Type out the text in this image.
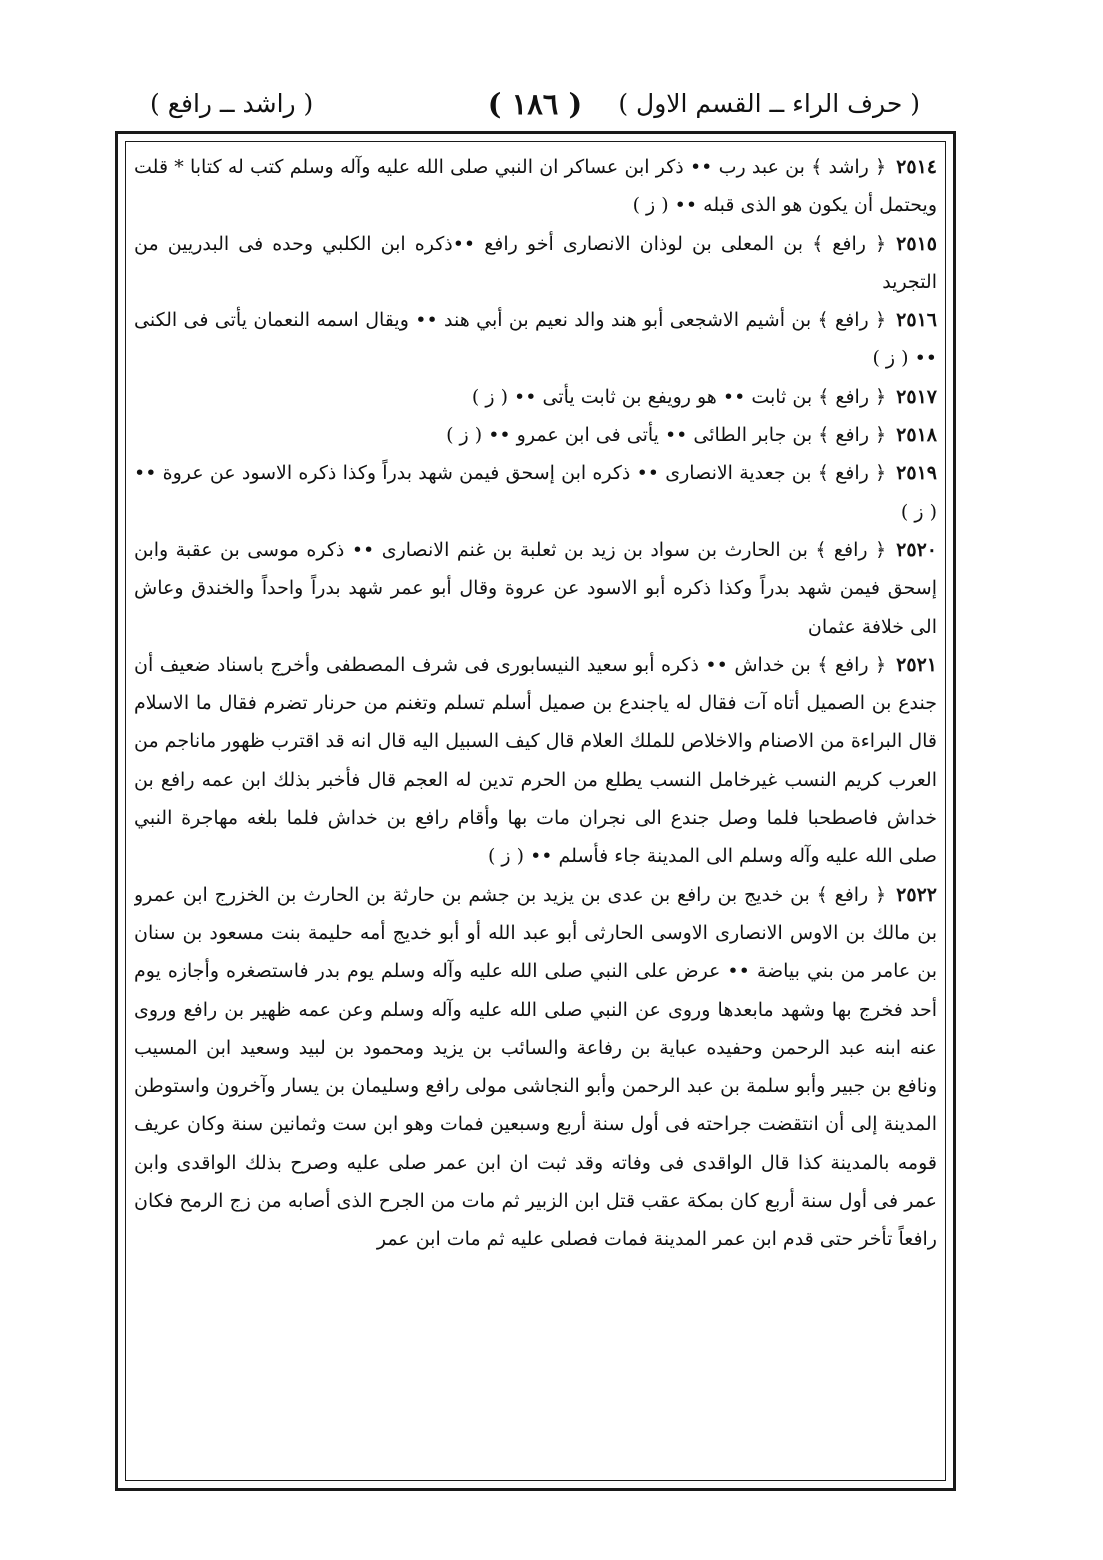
( حرف الراء ــ القسم الاول )
( ١٨٦ )
( راشد ــ رافع )

٢٥١٤﴿ راشد ﴾ بن عبد رب •• ذكر ابن عساكر ان النبي صلى الله عليه وآله وسلم كتب له كتابا * قلت ويحتمل أن يكون هو الذى قبله •• ( ز )

٢٥١٥﴿ رافع ﴾ بن المعلى بن لوذان الانصارى أخو رافع ••ذكره ابن الكلبي وحده فى البدريين من التجريد

٢٥١٦﴿ رافع ﴾ بن أشيم الاشجعى أبو هند والد نعيم بن أبي هند •• ويقال اسمه النعمان يأتى فى الكنى •• ( ز )

٢٥١٧﴿ رافع ﴾ بن ثابت •• هو رويفع بن ثابت يأتى •• ( ز )

٢٥١٨﴿ رافع ﴾ بن جابر الطائى •• يأتى فى ابن عمرو •• ( ز )

٢٥١٩﴿ رافع ﴾ بن جعدية الانصارى •• ذكره ابن إسحق فيمن شهد بدراً وكذا ذكره الاسود عن عروة •• ( ز )

٢٥٢٠﴿ رافع ﴾ بن الحارث بن سواد بن زيد بن ثعلبة بن غنم الانصارى •• ذكره موسى بن عقبة وابن إسحق فيمن شهد بدراً وكذا ذكره أبو الاسود عن عروة وقال أبو عمر شهد بدراً واحداً والخندق وعاش الى خلافة عثمان

٢٥٢١﴿ رافع ﴾ بن خداش •• ذكره أبو سعيد النيسابورى فى شرف المصطفى وأخرج باسناد ضعيف أن جندع بن الصميل أتاه آت فقال له ياجندع بن صميل أسلم تسلم وتغنم من حرنار تضرم فقال ما الاسلام قال البراءة من الاصنام والاخلاص للملك العلام قال كيف السبيل اليه قال انه قد اقترب ظهور ماناجم من العرب كريم النسب غيرخامل النسب يطلع من الحرم تدين له العجم قال فأخبر بذلك ابن عمه رافع بن خداش فاصطحبا فلما وصل جندع الى نجران مات بها وأقام رافع بن خداش فلما بلغه مهاجرة النبي صلى الله عليه وآله وسلم الى المدينة جاء فأسلم •• ( ز )

٢٥٢٢﴿ رافع ﴾ بن خديج بن رافع بن عدى بن يزيد بن جشم بن حارثة بن الحارث بن الخزرج ابن عمرو بن مالك بن الاوس الانصارى الاوسى الحارثى أبو عبد الله أو أبو خديج أمه حليمة بنت مسعود بن سنان بن عامر من بني بياضة •• عرض على النبي صلى الله عليه وآله وسلم يوم بدر فاستصغره وأجازه يوم أحد فخرج بها وشهد مابعدها وروى عن النبي صلى الله عليه وآله وسلم وعن عمه ظهير بن رافع وروى عنه ابنه عبد الرحمن وحفيده عباية بن رفاعة والسائب بن يزيد ومحمود بن لبيد وسعيد ابن المسيب ونافع بن جبير وأبو سلمة بن عبد الرحمن وأبو النجاشى مولى رافع وسليمان بن يسار وآخرون واستوطن المدينة إلى أن انتقضت جراحته فى أول سنة أربع وسبعين فمات وهو ابن ست وثمانين سنة وكان عريف قومه بالمدينة كذا قال الواقدى فى وفاته وقد ثبت ان ابن عمر صلى عليه وصرح بذلك الواقدى وابن عمر فى أول سنة أربع كان بمكة عقب قتل ابن الزبير ثم مات من الجرح الذى أصابه من زج الرمح فكان رافعاً تأخر حتى قدم ابن عمر المدينة فمات فصلى عليه ثم مات ابن عمر
